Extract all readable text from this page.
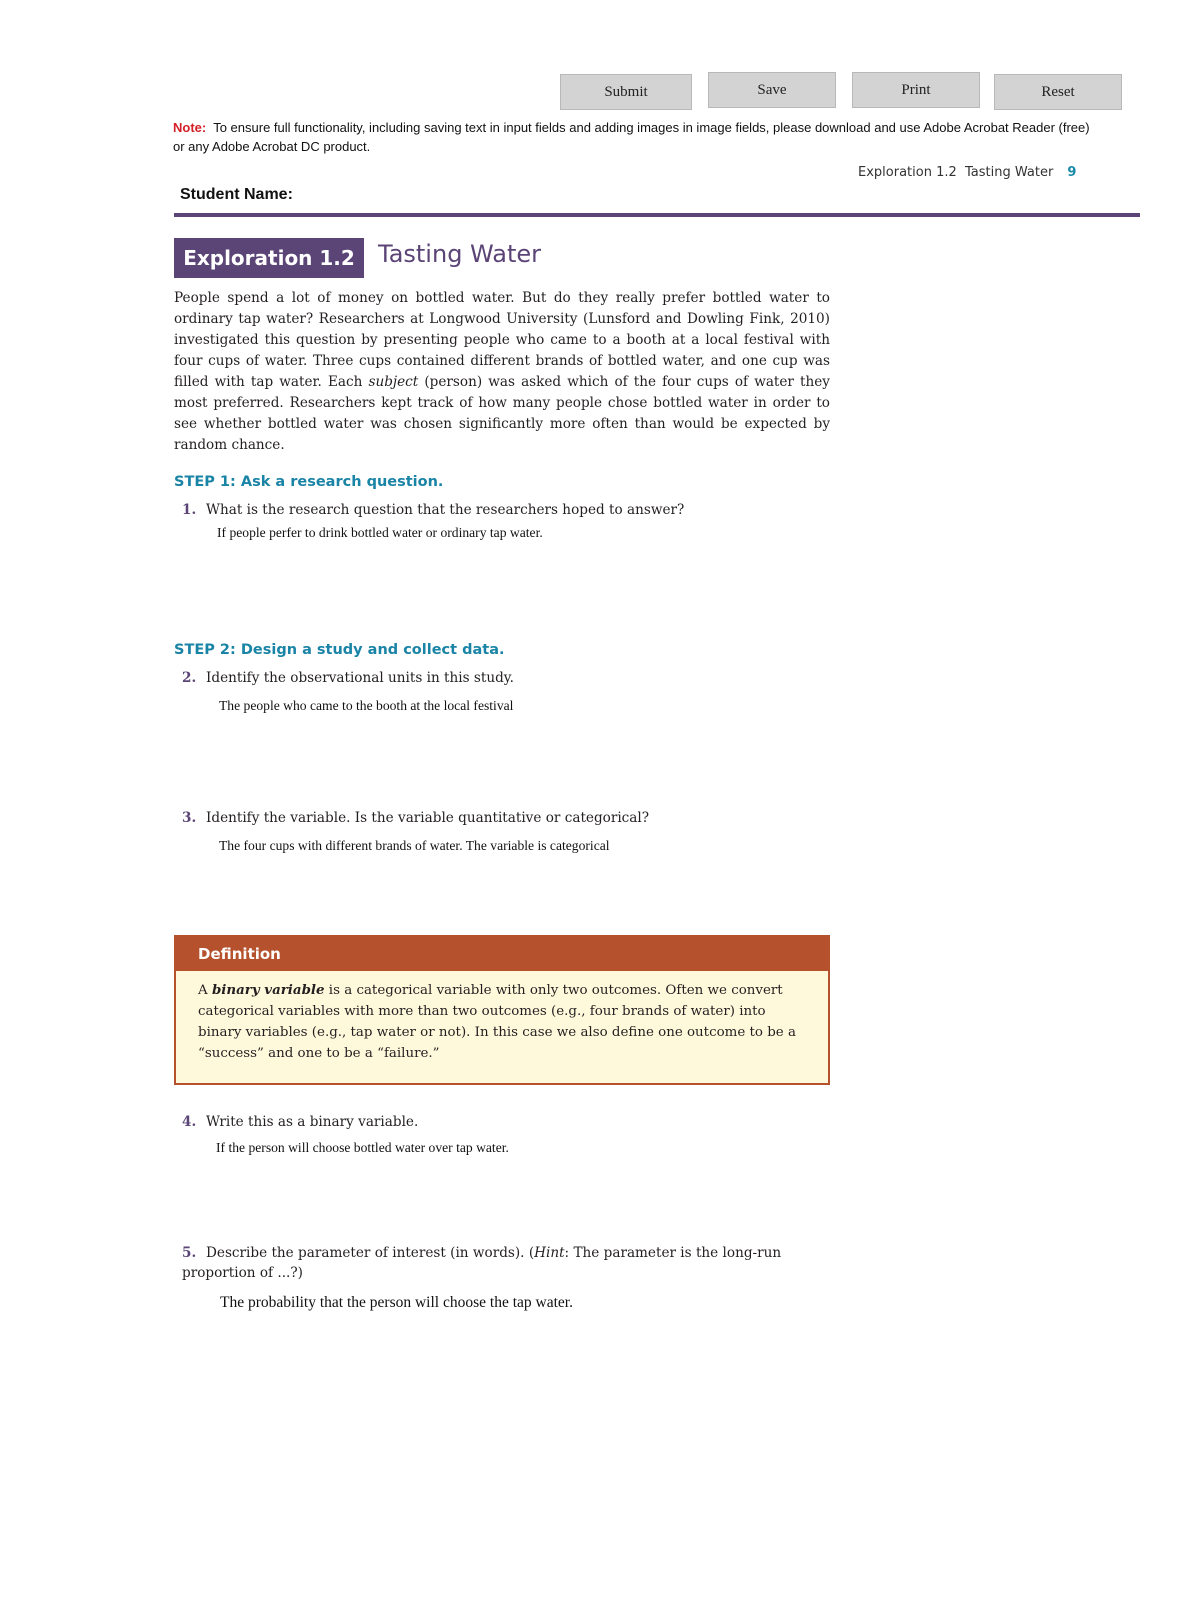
Submit	Save	Print	Reset
Note: To ensure full functionality, including saving text in input fields and adding images in image fields, please download and use Adobe Acrobat Reader (free) or any Adobe Acrobat DC product.
Exploration 1.2  Tasting Water 9
Student Name:
Exploration 1.2 Tasting Water
People spend a lot of money on bottled water. But do they really prefer bottled water to ordinary tap water? Researchers at Longwood University (Lunsford and Dowling Fink, 2010) investigated this question by presenting people who came to a booth at a local festival with four cups of water. Three cups contained different brands of bottled water, and one cup was filled with tap water. Each subject (person) was asked which of the four cups of water they most preferred. Researchers kept track of how many people chose bottled water in order to see whether bottled water was chosen significantly more often than would be expected by random chance.
STEP 1: Ask a research question.
1. What is the research question that the researchers hoped to answer?
If people perfer to drink bottled water or ordinary tap water.
STEP 2: Design a study and collect data.
2. Identify the observational units in this study.
The people who came to the booth at the local festival
3. Identify the variable. Is the variable quantitative or categorical?
The four cups with different brands of water. The variable is categorical
Definition
A binary variable is a categorical variable with only two outcomes. Often we convert categorical variables with more than two outcomes (e.g., four brands of water) into binary variables (e.g., tap water or not). In this case we also define one outcome to be a “success” and one to be a “failure.”
4. Write this as a binary variable.
If the person will choose bottled water over tap water.
5. Describe the parameter of interest (in words). (Hint: The parameter is the long-run proportion of ...?)
The probability that the person will choose the tap water.
